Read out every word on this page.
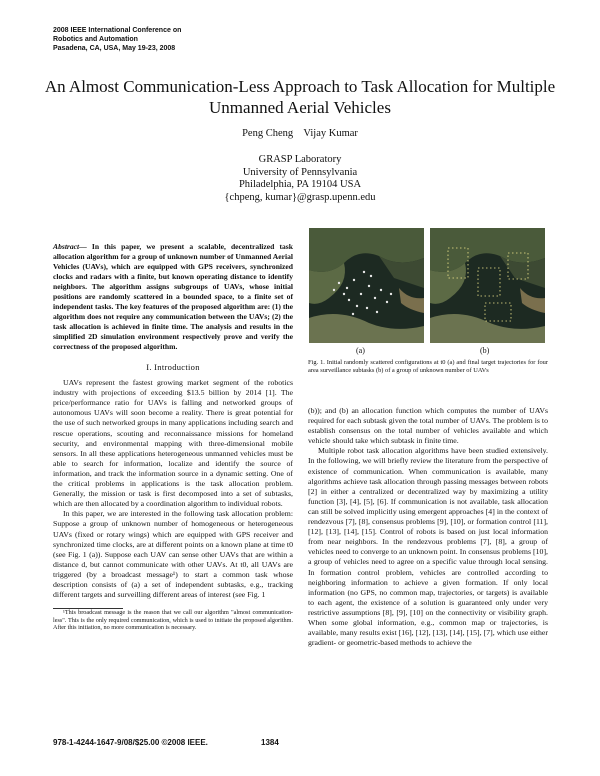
2008 IEEE International Conference on
Robotics and Automation
Pasadena, CA, USA, May 19-23, 2008
An Almost Communication-Less Approach to Task Allocation for Multiple
Unmanned Aerial Vehicles
Peng Cheng    Vijay Kumar
GRASP Laboratory
University of Pennsylvania
Philadelphia, PA 19104 USA
{chpeng, kumar}@grasp.upenn.edu

Abstract— In this paper, we present a scalable, decentralized task allocation algorithm for a group of unknown number of Unmanned Aerial Vehicles (UAVs), which are equipped with GPS receivers, synchronized clocks and radars with a finite, but known operating distance to identify neighbors. The algorithm assigns subgroups of UAVs, whose initial positions are randomly scattered in a bounded space, to a finite set of independent tasks. The key features of the proposed algorithm are: (1) the algorithm does not require any communication between the UAVs; (2) the task allocation is achieved in finite time. The analysis and results in the simplified 2D simulation environment respectively prove and verify the correctness of the proposed algorithm.

I. Introduction

UAVs represent the fastest growing market segment of the robotics industry with projections of exceeding $13.5 billion by 2014 [1]. The price/performance ratio for UAVs is falling and networked groups of autonomous UAVs will soon become a reality. There is great potential for the use of such networked groups in many applications including search and rescue operations, scouting and reconnaissance missions for homeland security, and environmental mapping with three-dimensional mobile sensors. In all these applications heterogeneous unmanned vehicles must be able to search for information, localize and identify the source of information, and track the information source in a dynamic setting. One of the critical problems in applications is the task allocation problem. Generally, the mission or task is first decomposed into a set of subtasks, which are then allocated by a coordination algorithm to individual robots.

In this paper, we are interested in the following task allocation problem: Suppose a group of unknown number of homogeneous or heterogeneous UAVs (fixed or rotary wings) which are equipped with GPS receiver and synchronized time clocks, are at different points on a known plane at time t0 (see Fig. 1 (a)). Suppose each UAV can sense other UAVs that are within a distance d, but cannot communicate with other UAVs. At t0, all UAVs are triggered (by a broadcast message¹) to start a common task whose description consists of (a) a set of independent subtasks, e.g., tracking different targets and surveilling different areas of interest (see Fig. 1

¹This broadcast message is the reason that we call our algorithm "almost communication-less". This is the only required communication, which is used to initiate the proposed algorithm. After this initiation, no more communication is necessary.

(a)	(b)
Fig. 1. Initial randomly scattered configurations at t0 (a) and final target trajectories for four area surveillance subtasks (b) of a group of unknown number of UAVs

(b)); and (b) an allocation function which computes the number of UAVs required for each subtask given the total number of UAVs. The problem is to establish consensus on the total number of vehicles available and which vehicle should take which subtask in finite time.

Multiple robot task allocation algorithms have been studied extensively. In the following, we will briefly review the literature from the perspective of existence of communication. When communication is available, many algorithms achieve task allocation through passing messages between robots [2] in either a centralized or decentralized way by maximizing a utility function [3], [4], [5], [6]. If communication is not available, task allocation can still be solved implicitly using emergent approaches [4] in the context of rendezvous [7], [8], consensus problems [9], [10], or formation control [11], [12], [13], [14], [15]. Control of robots is based on just local information from near neighbors. In the rendezvous problems [7], [8], a group of vehicles need to converge to an unknown point. In consensus problems [10], a group of vehicles need to agree on a specific value through local sensing. In formation control problem, vehicles are controlled according to neighboring information to achieve a given formation. If only local information (no GPS, no common map, trajectories, or targets) is available to each agent, the existence of a solution is guaranteed only under very restrictive assumptions [8], [9], [10] on the connectivity or visibility graph. When some global information, e.g., common map or trajectories, is available, many results exist [16], [12], [13], [14], [15], [7], which use either gradient- or geometric-based methods to achieve the

978-1-4244-1647-9/08/$25.00 ©2008 IEEE.	1384
